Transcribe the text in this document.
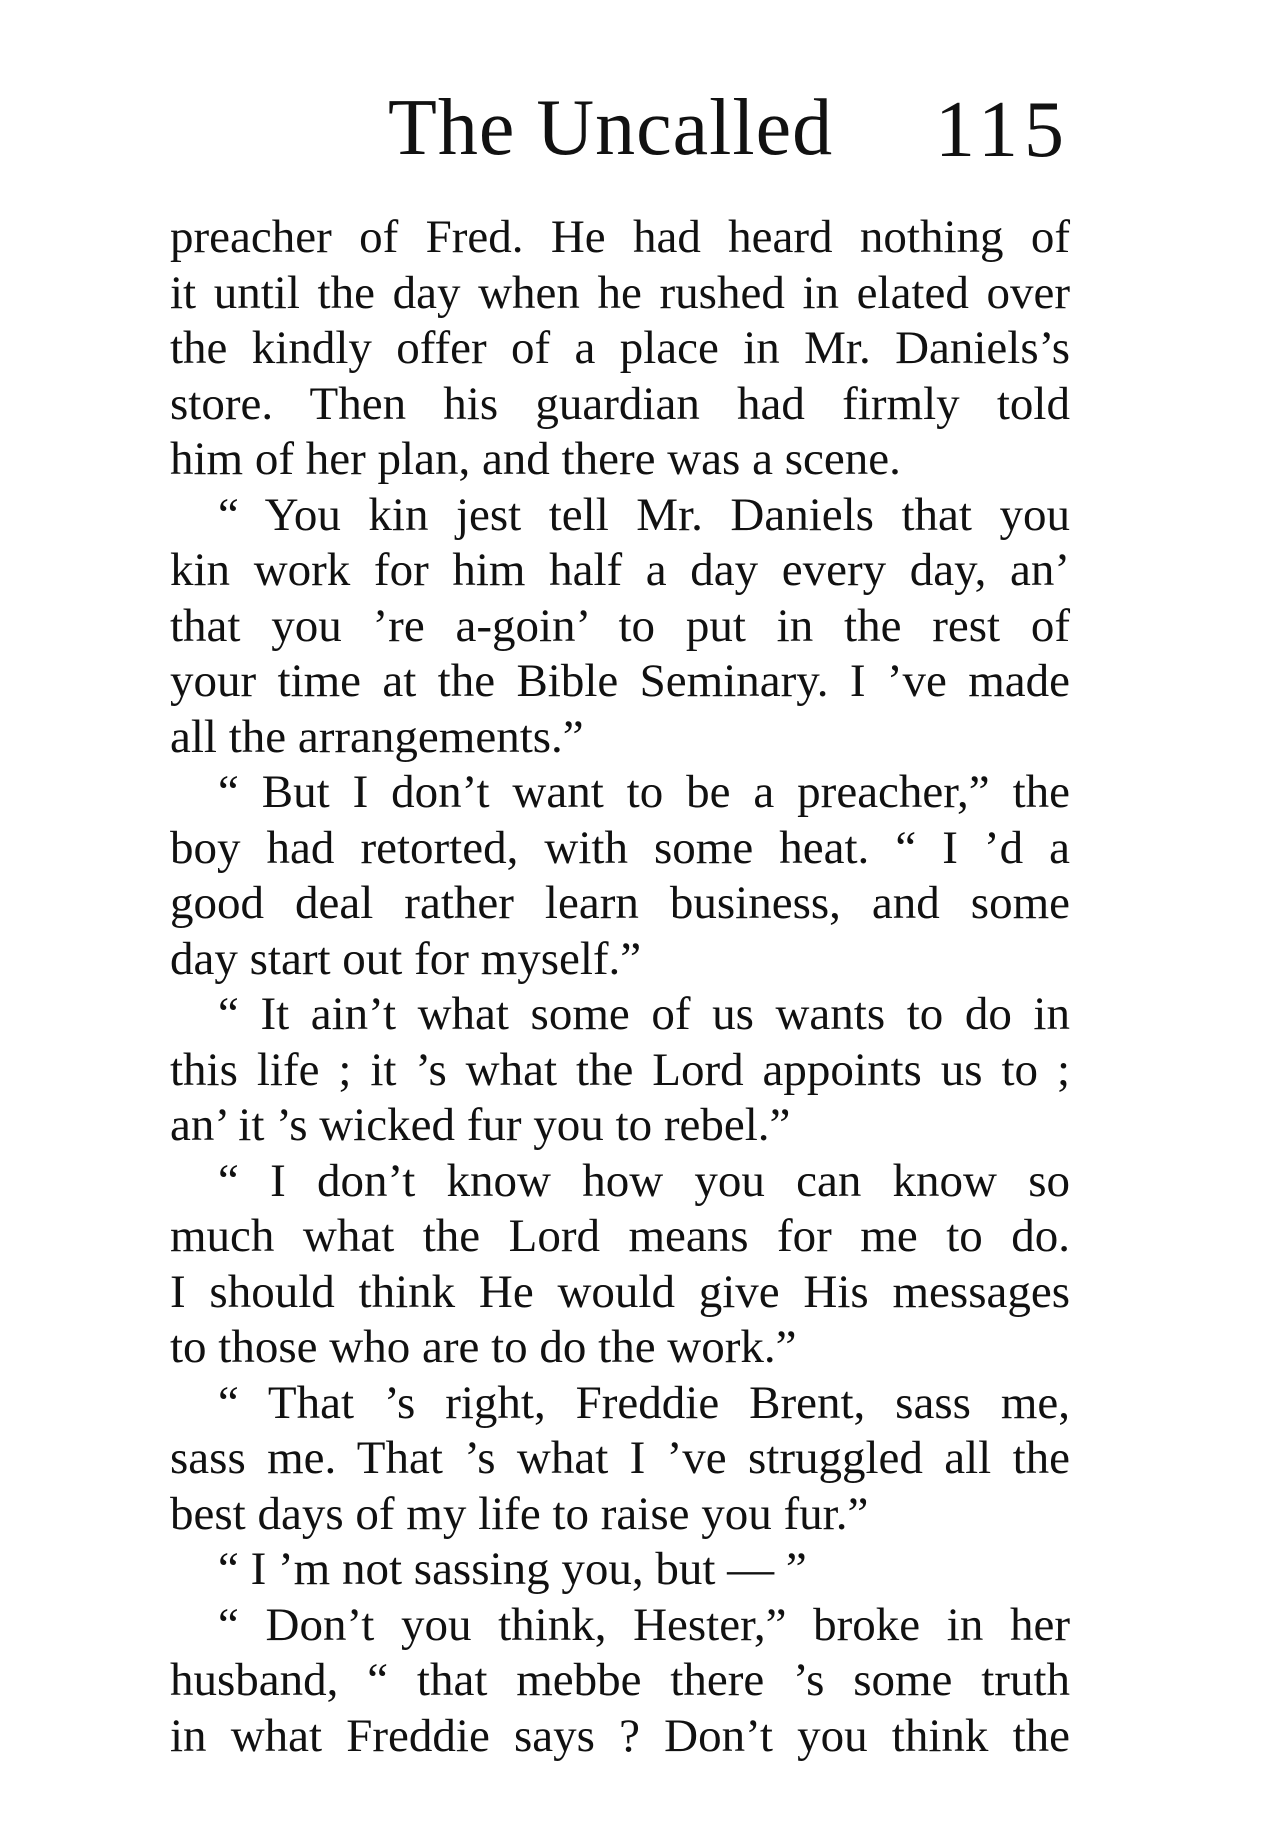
The Uncalled 115
preacher of Fred. He had heard nothing of
it until the day when he rushed in elated over
the kindly offer of a place in Mr. Daniels’s
store. Then his guardian had firmly told
him of her plan, and there was a scene.
“ You kin jest tell Mr. Daniels that you
kin work for him half a day every day, an’
that you ’re a-goin’ to put in the rest of
your time at the Bible Seminary. I ’ve made
all the arrangements.”
“ But I don’t want to be a preacher,” the
boy had retorted, with some heat. “ I ’d a
good deal rather learn business, and some
day start out for myself.”
“ It ain’t what some of us wants to do in
this life ; it ’s what the Lord appoints us to ;
an’ it ’s wicked fur you to rebel.”
“ I don’t know how you can know so
much what the Lord means for me to do.
I should think He would give His messages
to those who are to do the work.”
“ That ’s right, Freddie Brent, sass me,
sass me. That ’s what I ’ve struggled all the
best days of my life to raise you fur.”
“ I ’m not sassing you, but — ”
“ Don’t you think, Hester,” broke in her
husband, “ that mebbe there ’s some truth
in what Freddie says ? Don’t you think the
